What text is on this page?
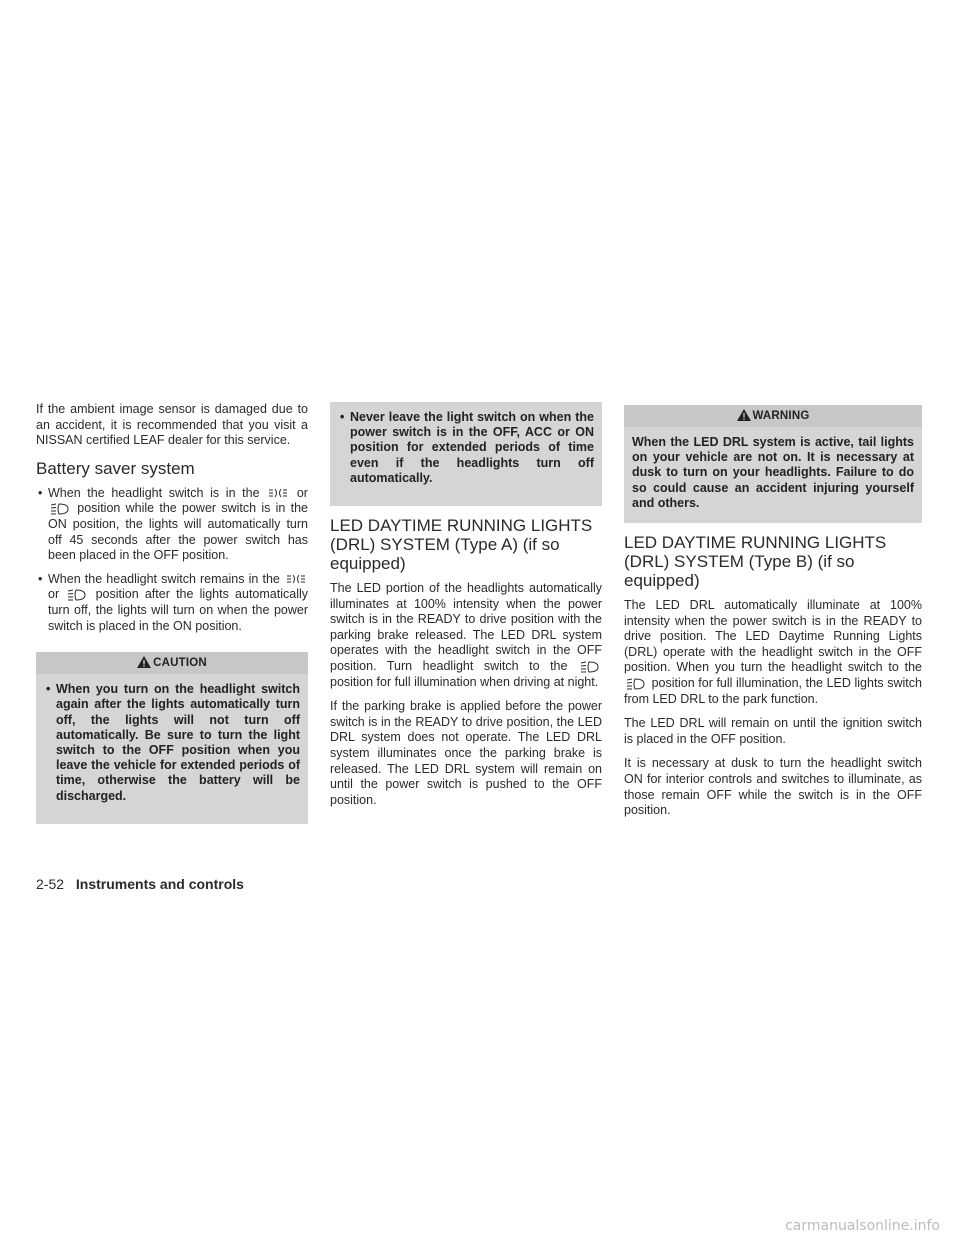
If the ambient image sensor is damaged due to an accident, it is recommended that you visit a NISSAN certified LEAF dealer for this service.

Battery saver system
• When the headlight switch is in the	or
position while the power switch is in the ON position, the lights will automatically turn off 45 seconds after the power switch has been placed in the OFF position.
• When the headlight switch remains in the
or	position after the lights automatically turn off, the lights will turn on when the power switch is placed in the ON position.
CAUTION
• When you turn on the headlight switch again after the lights automatically turn off, the lights will not turn off automatically. Be sure to turn the light switch to the OFF position when you leave the vehicle for extended periods of time, otherwise the battery will be discharged.
• Never leave the light switch on when the power switch is in the OFF, ACC or ON position for extended periods of time even if the headlights turn off automatically.
LED DAYTIME RUNNING LIGHTS (DRL) SYSTEM (Type A) (if so equipped)

The LED portion of the headlights automatically illuminates at 100% intensity when the power switch is in the READY to drive position with the parking brake released. The LED DRL system operates with the headlight switch in the OFF position. Turn headlight switch to the
position for full illumination when driving at night.

If the parking brake is applied before the power switch is in the READY to drive position, the LED DRL system does not operate. The LED DRL system illuminates once the parking brake is released. The LED DRL system will remain on until the power switch is pushed to the OFF position.

WARNING

When the LED DRL system is active, tail lights on your vehicle are not on. It is necessary at dusk to turn on your headlights. Failure to do so could cause an accident injuring yourself and others.

LED DAYTIME RUNNING LIGHTS (DRL) SYSTEM (Type B) (if so equipped)

The LED DRL automatically illuminate at 100% intensity when the power switch is in the READY to drive position. The LED Daytime Running Lights (DRL) operate with the headlight switch in the OFF position. When you turn the headlight switch to the
position for full illumination, the LED lights switch from LED DRL to the park function.

The LED DRL will remain on until the ignition switch is placed in the OFF position.

It is necessary at dusk to turn the headlight switch ON for interior controls and switches to illuminate, as those remain OFF while the switch is in the OFF position.

2-52 Instruments and controls
carmanualsonline.info
